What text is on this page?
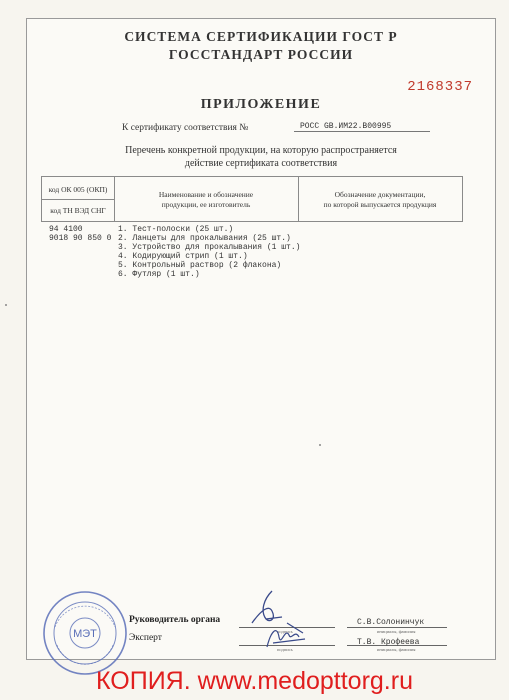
СИСТЕМА СЕРТИФИКАЦИИ ГОСТ Р
ГОССТАНДАРТ РОССИИ
2168337
ПРИЛОЖЕНИЕ
К сертификату соответствия №	РОСС GB.ИМ22.В00995
Перечень конкретной продукции, на которую распространяется
действие сертификата соответствия
код ОК 005 (ОКП)
код ТН ВЭД СНГ
Наименование и обозначение
продукции, ее изготовитель
Обозначение документации,
по которой выпускается продукция
94 4100
9018 90 850 0
1. Тест-полоски (25 шт.)
2. Ланцеты для прокалывания (25 шт.)
3. Устройство для прокалывания (1 шт.)
4. Кодирующий стрип (1 шт.)
5. Контрольный раствор (2 флакона)
6. Футляр (1 шт.)
МЭТ
Руководитель органа
Эксперт
подпись	инициалы, фамилия
подпись	инициалы, фамилия
С.В.Солонинчук
Т.В. Крофеева
КОПИЯ. www.medopttorg.ru
